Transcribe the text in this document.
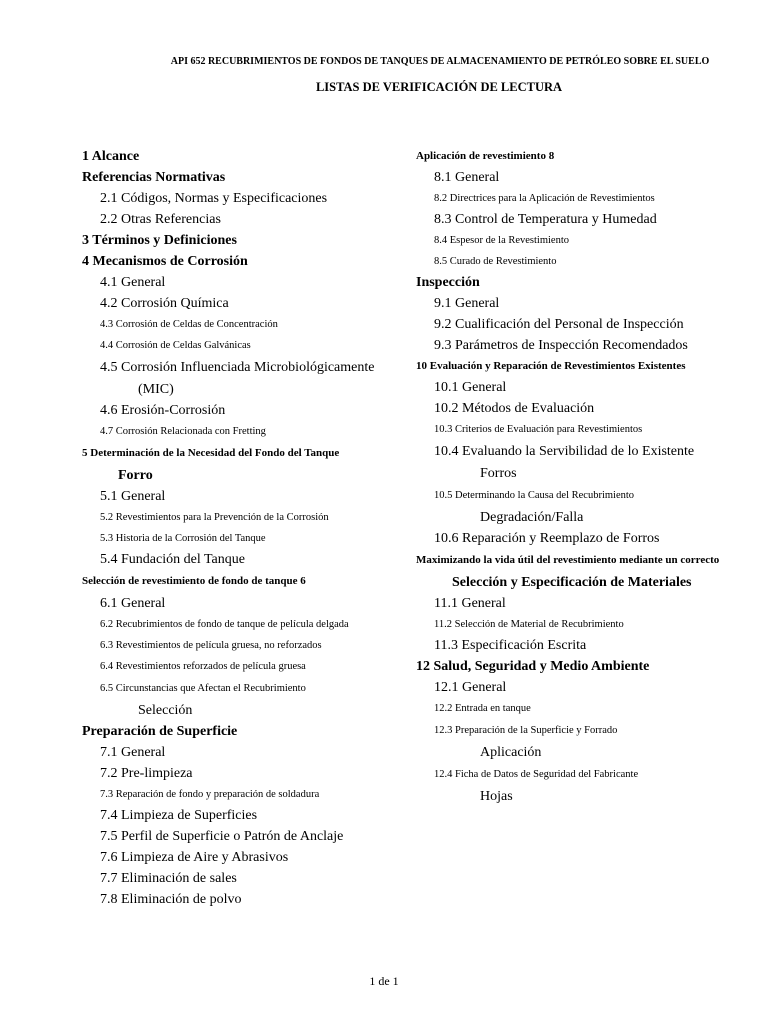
API 652 RECUBRIMIENTOS DE FONDOS DE TANQUES DE ALMACENAMIENTO DE PETRÓLEO SOBRE EL SUELO
LISTAS DE VERIFICACIÓN DE LECTURA
1 Alcance
Referencias Normativas
2.1 Códigos, Normas y Especificaciones
2.2 Otras Referencias
3 Términos y Definiciones
4 Mecanismos de Corrosión
4.1 General
4.2 Corrosión Química
4.3 Corrosión de Celdas de Concentración
4.4 Corrosión de Celdas Galvánicas
4.5 Corrosión Influenciada Microbiológicamente
(MIC)
4.6 Erosión-Corrosión
4.7 Corrosión Relacionada con Fretting
5 Determinación de la Necesidad del Fondo del Tanque
Forro
5.1 General
5.2 Revestimientos para la Prevención de la Corrosión
5.3 Historia de la Corrosión del Tanque
5.4 Fundación del Tanque
Selección de revestimiento de fondo de tanque 6
6.1 General
6.2 Recubrimientos de fondo de tanque de película delgada
6.3 Revestimientos de película gruesa, no reforzados
6.4 Revestimientos reforzados de película gruesa
6.5 Circunstancias que Afectan el Recubrimiento
Selección
Preparación de Superficie
7.1 General
7.2 Pre-limpieza
7.3 Reparación de fondo y preparación de soldadura
7.4 Limpieza de Superficies
7.5 Perfil de Superficie o Patrón de Anclaje
7.6 Limpieza de Aire y Abrasivos
7.7 Eliminación de sales
7.8 Eliminación de polvo
Aplicación de revestimiento 8
8.1 General
8.2 Directrices para la Aplicación de Revestimientos
8.3 Control de Temperatura y Humedad
8.4 Espesor de la Revestimiento
8.5 Curado de Revestimiento
Inspección
9.1 General
9.2 Cualificación del Personal de Inspección
9.3 Parámetros de Inspección Recomendados
10 Evaluación y Reparación de Revestimientos Existentes
10.1 General
10.2 Métodos de Evaluación
10.3 Criterios de Evaluación para Revestimientos
10.4 Evaluando la Servibilidad de lo Existente
Forros
10.5 Determinando la Causa del Recubrimiento
Degradación/Falla
10.6 Reparación y Reemplazo de Forros
Maximizando la vida útil del revestimiento mediante un correcto
Selección y Especificación de Materiales
11.1 General
11.2 Selección de Material de Recubrimiento
11.3 Especificación Escrita
12 Salud, Seguridad y Medio Ambiente
12.1 General
12.2 Entrada en tanque
12.3 Preparación de la Superficie y Forrado
Aplicación
12.4 Ficha de Datos de Seguridad del Fabricante
Hojas
1 de 1
